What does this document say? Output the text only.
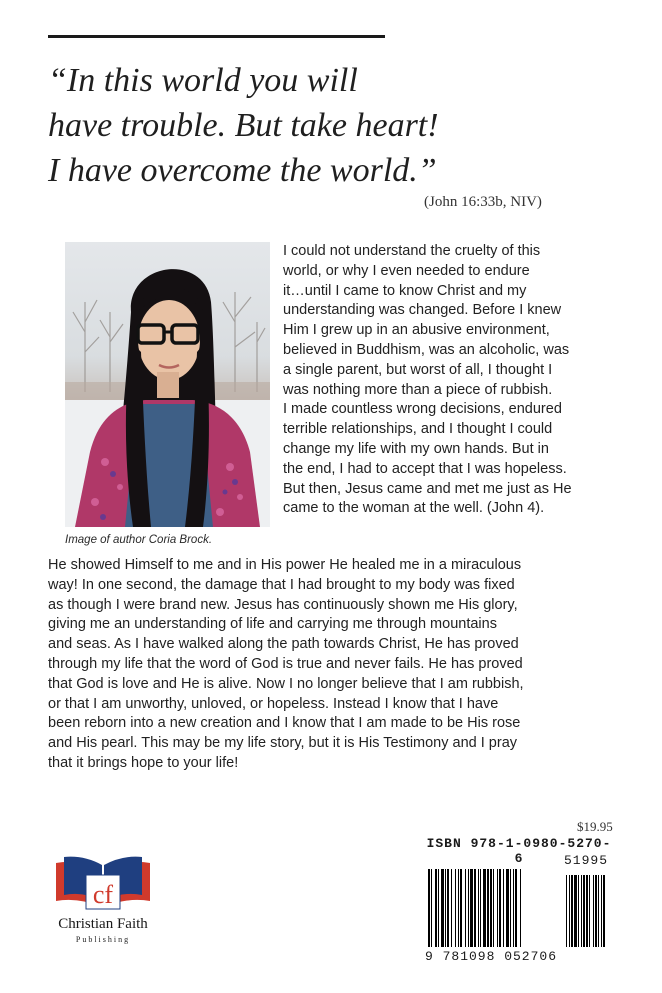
“In this world you will
have trouble. But take heart!
I have overcome the world.”
(John 16:33b, NIV)
Image of author Coria Brock.
I could not understand the cruelty of this
world, or why I even needed to endure
it…until I came to know Christ and my
understanding was changed. Before I knew
Him I grew up in an abusive environment,
believed in Buddhism, was an alcoholic, was
a single parent, but worst of all, I thought I
was nothing more than a piece of rubbish.
I made countless wrong decisions, endured
terrible relationships, and I thought I could
change my life with my own hands. But in
the end, I had to accept that I was hopeless.
But then, Jesus came and met me just as He
came to the woman at the well. (John 4).
He showed Himself to me and in His power He healed me in a miraculous
way! In one second, the damage that I had brought to my body was fixed
as though I were brand new. Jesus has continuously shown me His glory,
giving me an understanding of life and carrying me through mountains
and seas. As I have walked along the path towards Christ, He has proved
through my life that the word of God is true and never fails. He has proved
that God is love and He is alive. Now I no longer believe that I am rubbish,
or that I am unworthy, unloved, or hopeless. Instead I know that I have
been reborn into a new creation and I know that I am made to be His rose
and His pearl. This may be my life story, but it is His Testimony and I pray
that it brings hope to your life!
cf
Christian Faith
Publishing
$19.95
ISBN 978-1-0980-5270-6	51995
9 781098 052706
